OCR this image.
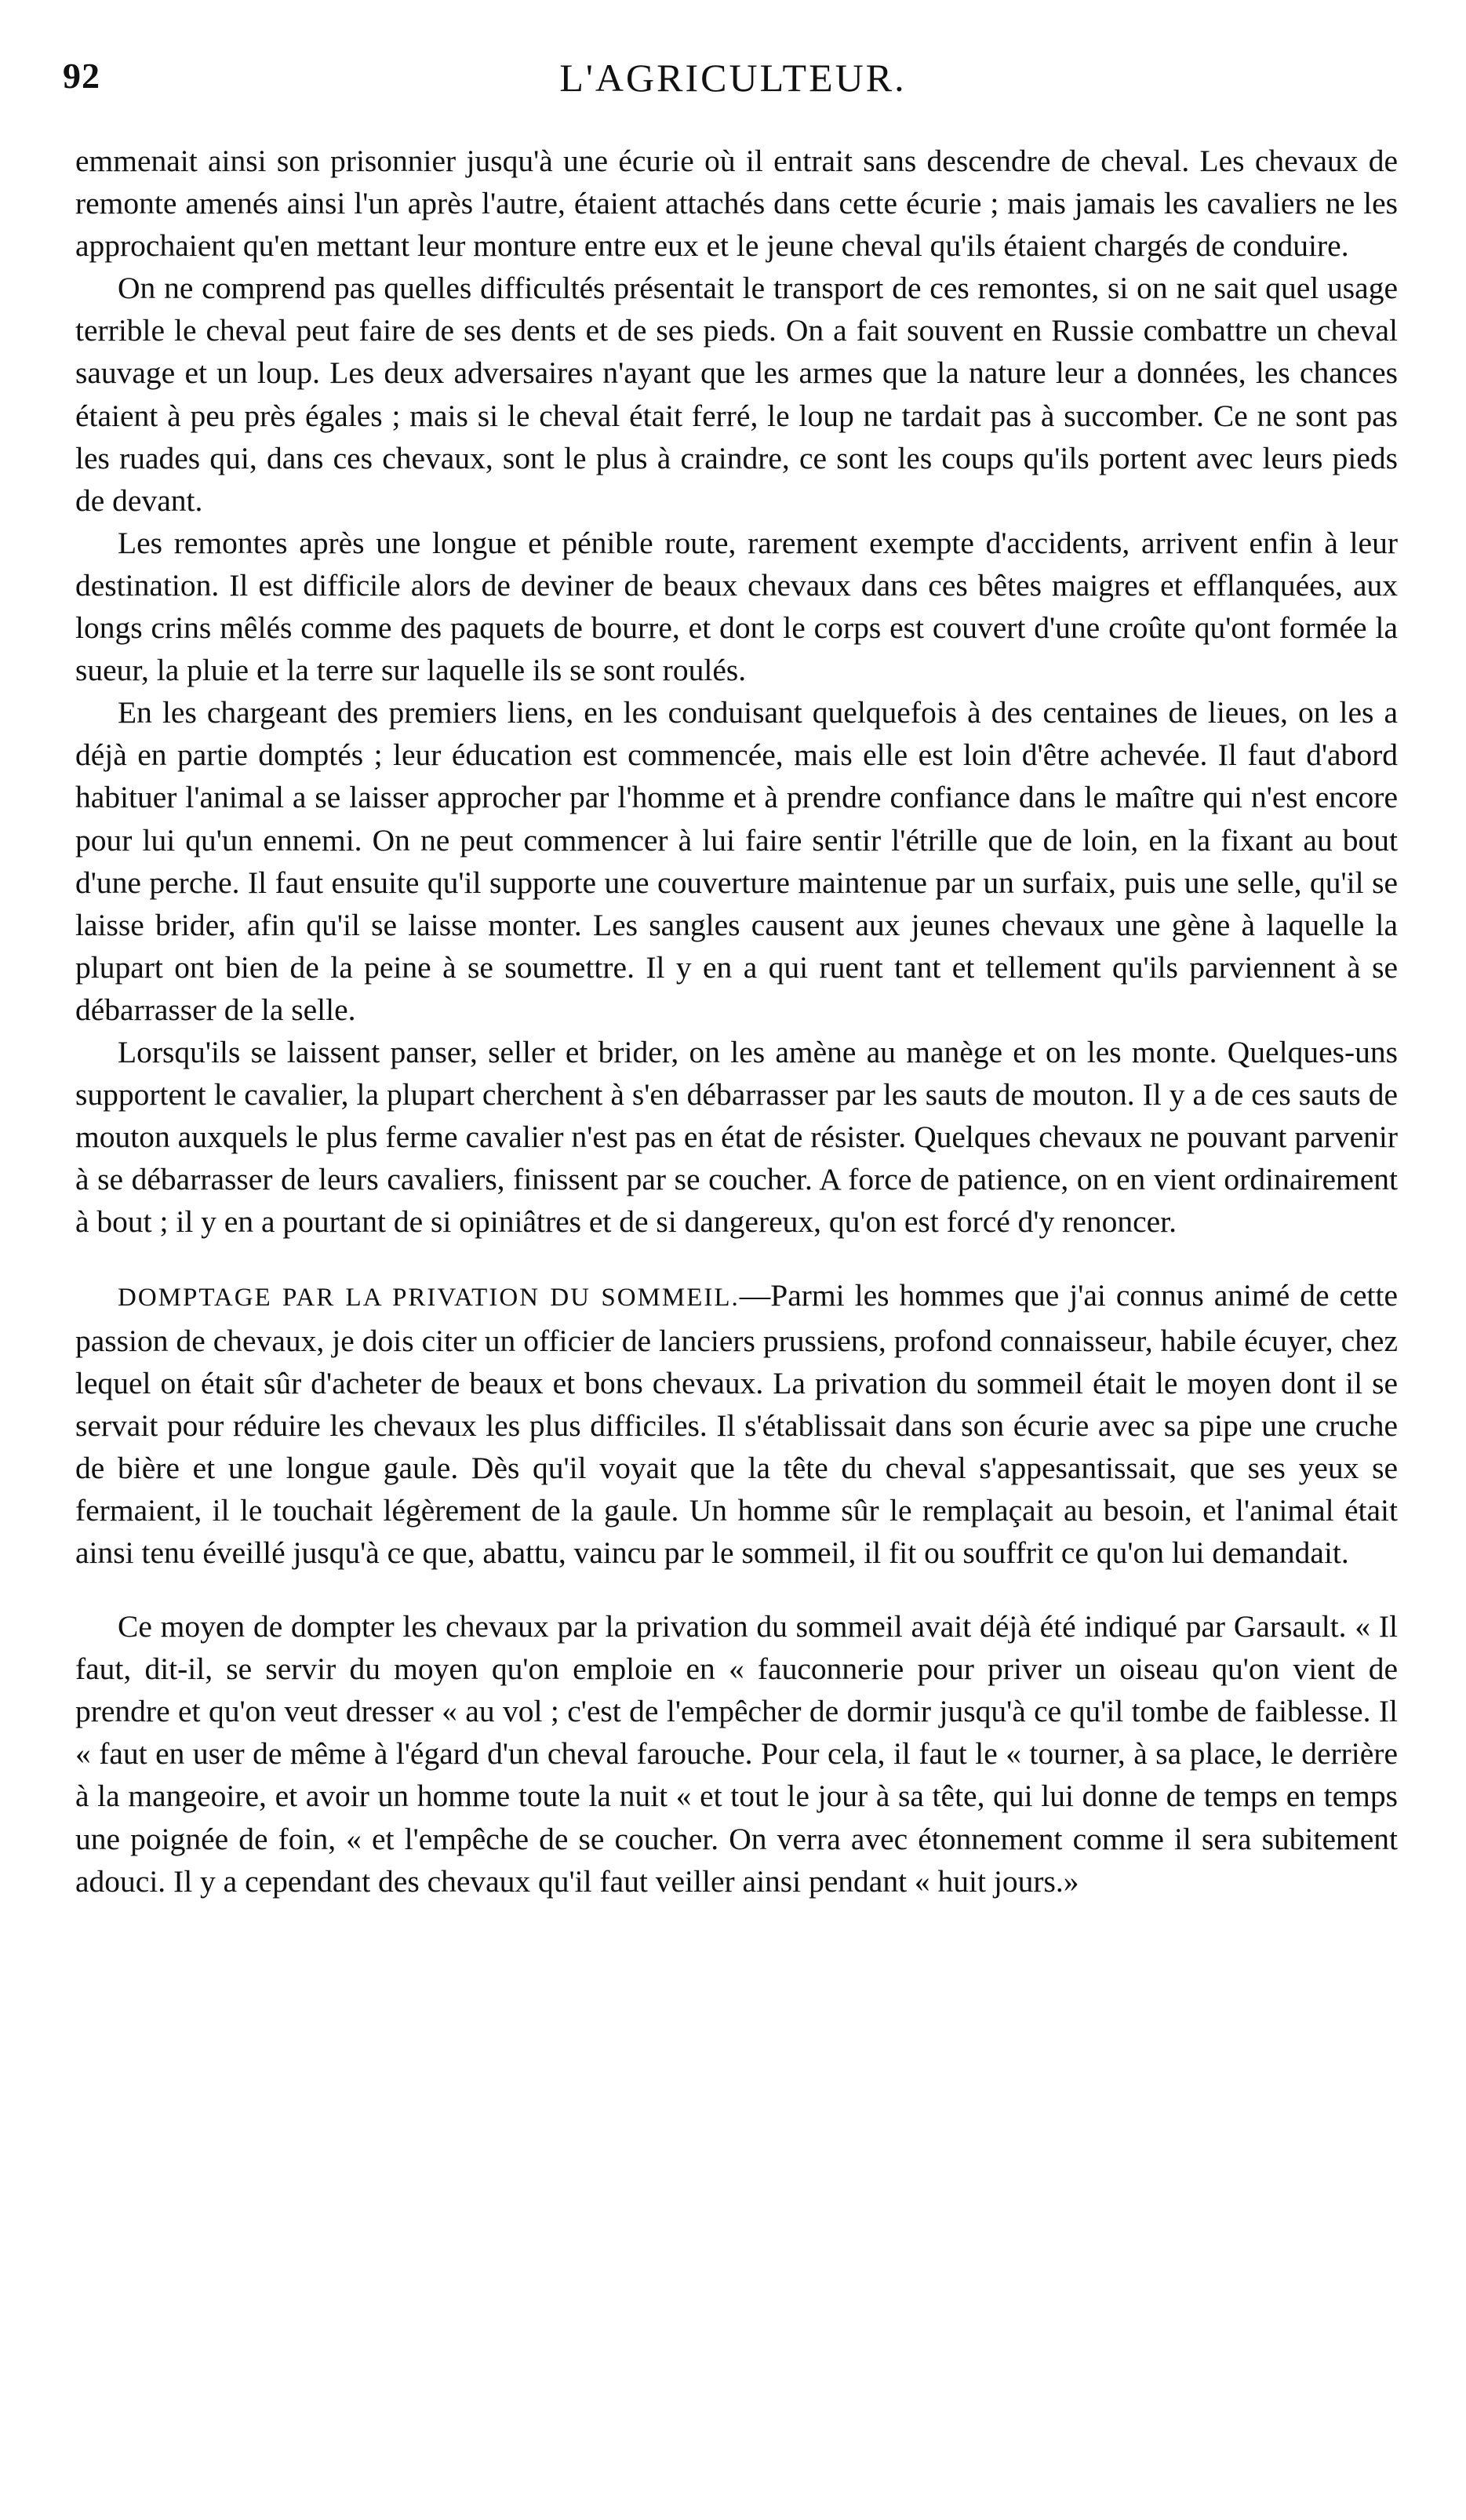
92	L'AGRICULTEUR.

emmenait ainsi son prisonnier jusqu'à une écurie où il entrait sans descendre de cheval. Les chevaux de remonte amenés ainsi l'un après l'autre, étaient attachés dans cette écurie ; mais jamais les cavaliers ne les approchaient qu'en mettant leur monture entre eux et le jeune cheval qu'ils étaient chargés de conduire.

On ne comprend pas quelles difficultés présentait le transport de ces remontes, si on ne sait quel usage terrible le cheval peut faire de ses dents et de ses pieds. On a fait souvent en Russie combattre un cheval sauvage et un loup. Les deux adversaires n'ayant que les armes que la nature leur a données, les chances étaient à peu près égales ; mais si le cheval était ferré, le loup ne tardait pas à succomber. Ce ne sont pas les ruades qui, dans ces chevaux, sont le plus à craindre, ce sont les coups qu'ils portent avec leurs pieds de devant.

Les remontes après une longue et pénible route, rarement exempte d'accidents, arrivent enfin à leur destination. Il est difficile alors de deviner de beaux chevaux dans ces bêtes maigres et efflanquées, aux longs crins mêlés comme des paquets de bourre, et dont le corps est couvert d'une croûte qu'ont formée la sueur, la pluie et la terre sur laquelle ils se sont roulés.

En les chargeant des premiers liens, en les conduisant quelquefois à des centaines de lieues, on les a déjà en partie domptés ; leur éducation est commencée, mais elle est loin d'être achevée. Il faut d'abord habituer l'animal a se laisser approcher par l'homme et à prendre confiance dans le maître qui n'est encore pour lui qu'un ennemi. On ne peut commencer à lui faire sentir l'étrille que de loin, en la fixant au bout d'une perche. Il faut ensuite qu'il supporte une couverture maintenue par un surfaix, puis une selle, qu'il se laisse brider, afin qu'il se laisse monter. Les sangles causent aux jeunes chevaux une gène à laquelle la plupart ont bien de la peine à se soumettre. Il y en a qui ruent tant et tellement qu'ils parviennent à se débarrasser de la selle.

Lorsqu'ils se laissent panser, seller et brider, on les amène au manège et on les monte. Quelques-uns supportent le cavalier, la plupart cherchent à s'en débarrasser par les sauts de mouton. Il y a de ces sauts de mouton auxquels le plus ferme cavalier n'est pas en état de résister. Quelques chevaux ne pouvant parvenir à se débarrasser de leurs cavaliers, finissent par se coucher. A force de patience, on en vient ordinairement à bout ; il y en a pourtant de si opiniâtres et de si dangereux, qu'on est forcé d'y renoncer.

DOMPTAGE PAR LA PRIVATION DU SOMMEIL.—Parmi les hommes que j'ai connus animé de cette passion de chevaux, je dois citer un officier de lanciers prussiens, profond connaisseur, habile écuyer, chez lequel on était sûr d'acheter de beaux et bons chevaux. La privation du sommeil était le moyen dont il se servait pour réduire les chevaux les plus difficiles. Il s'établissait dans son écurie avec sa pipe une cruche de bière et une longue gaule. Dès qu'il voyait que la tête du cheval s'appesantissait, que ses yeux se fermaient, il le touchait légèrement de la gaule. Un homme sûr le remplaçait au besoin, et l'animal était ainsi tenu éveillé jusqu'à ce que, abattu, vaincu par le sommeil, il fit ou souffrit ce qu'on lui demandait.

Ce moyen de dompter les chevaux par la privation du sommeil avait déjà été indiqué par Garsault. « Il faut, dit-il, se servir du moyen qu'on emploie en « fauconnerie pour priver un oiseau qu'on vient de prendre et qu'on veut dresser « au vol ; c'est de l'empêcher de dormir jusqu'à ce qu'il tombe de faiblesse. Il « faut en user de même à l'égard d'un cheval farouche. Pour cela, il faut le « tourner, à sa place, le derrière à la mangeoire, et avoir un homme toute la nuit « et tout le jour à sa tête, qui lui donne de temps en temps une poignée de foin, « et l'empêche de se coucher. On verra avec étonnement comme il sera subitement adouci. Il y a cependant des chevaux qu'il faut veiller ainsi pendant « huit jours.»
